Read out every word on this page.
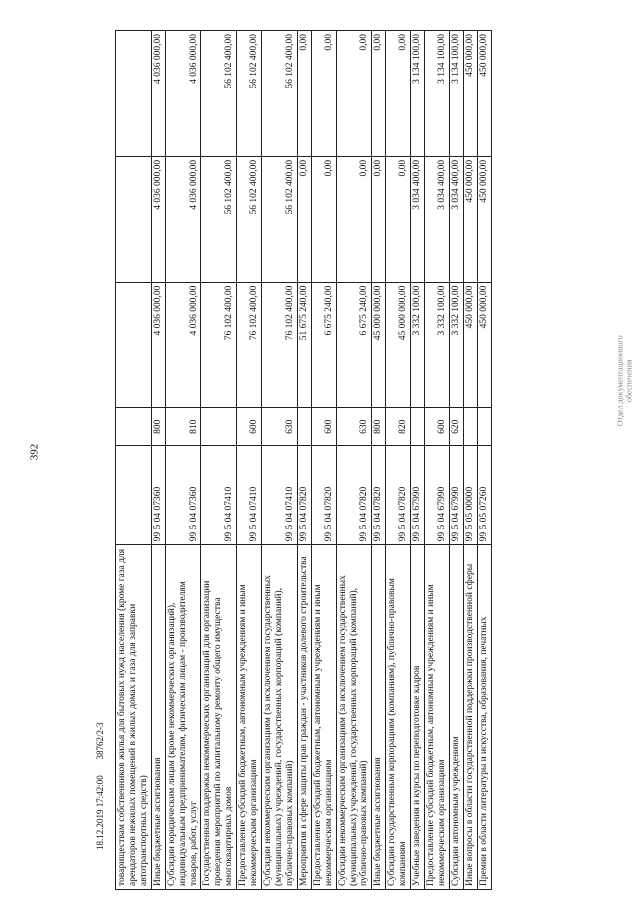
392
Отдел документационного обеспечения
18.12.2019 17:42:00       38762/2-3 товариществам собственников жилья для бытовых нужд населения (кроме газа для арендаторов нежилых помещений в жилых домах и газа для заправки автотранспортных средств)					
Иные бюджетные ассигнования	99 5 04 07360	800	4 036 000,00	4 036 000,00	4 036 000,00
Субсидии юридическим лицам (кроме некоммерческих организаций), индивидуальным предпринимателям, физическим лицам - производителям товаров, работ, услуг	99 5 04 07360	810	4 036 000,00	4 036 000,00	4 036 000,00
Государственная поддержка некоммерческих организаций для организации проведения мероприятий по капитальному ремонту общего имущества многоквартирных домов	99 5 04 07410		76 102 400,00	56 102 400,00	56 102 400,00
Предоставление субсидий бюджетным, автономным учреждениям и иным некоммерческим организациям	99 5 04 07410	600	76 102 400,00	56 102 400,00	56 102 400,00
Субсидии некоммерческим организациям (за исключением государственных (муниципальных) учреждений, государственных корпораций (компаний), публично-правовых компаний)	99 5 04 07410	630	76 102 400,00	56 102 400,00	56 102 400,00
Мероприятия в сфере защиты прав граждан - участников долевого строительства	99 5 04 07820		51 675 240,00	0,00	0,00
Предоставление субсидий бюджетным, автономным учреждениям и иным некоммерческим организациям	99 5 04 07820	600	6 675 240,00	0,00	0,00
Субсидии некоммерческим организациям (за исключением государственных (муниципальных) учреждений, государственных корпораций (компаний), публично-правовых компаний)	99 5 04 07820	630	6 675 240,00	0,00	0,00
Иные бюджетные ассигнования	99 5 04 07820	800	45 000 000,00	0,00	0,00
Субсидии государственным корпорациям (компаниям), публично-правовым компаниям	99 5 04 07820	820	45 000 000,00	0,00	0,00
Учебные заведения и курсы по переподготовке кадров	99 5 04 67990		3 332 100,00	3 034 400,00	3 134 100,00
Предоставление субсидий бюджетным, автономным учреждениям и иным некоммерческим организациям	99 5 04 67990	600	3 332 100,00	3 034 400,00	3 134 100,00
Субсидии автономным учреждениям	99 5 04 67990	620	3 332 100,00	3 034 400,00	3 134 100,00
Иные вопросы в области государственной поддержки производственной сферы	99 5 05 00000		450 000,00	450 000,00	450 000,00
Премии в области литературы и искусства, образования, печатных	99 5 05 07260		450 000,00	450 000,00	450 000,00
